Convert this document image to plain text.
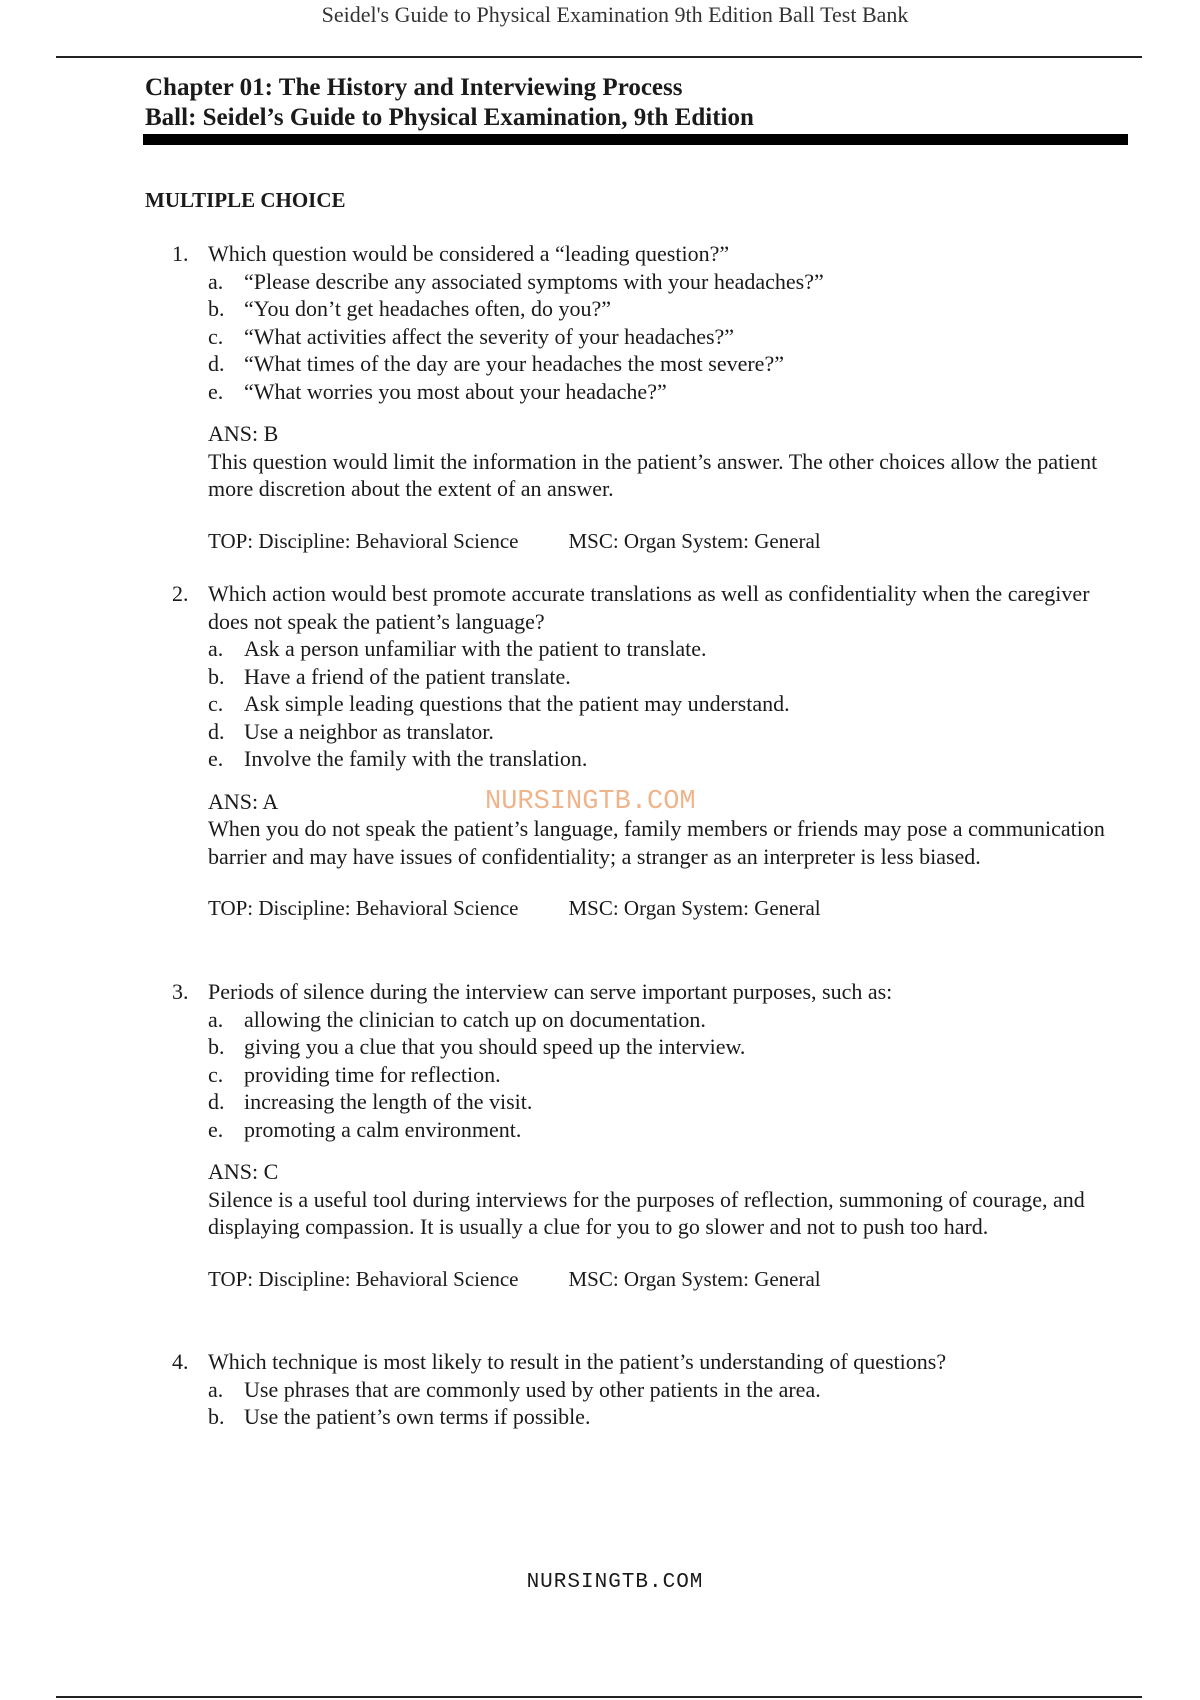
Seidel's Guide to Physical Examination 9th Edition Ball Test Bank
Chapter 01: The History and Interviewing Process
Ball: Seidel’s Guide to Physical Examination, 9th Edition
MULTIPLE CHOICE
1. Which question would be considered a “leading question?”
a. “Please describe any associated symptoms with your headaches?”
b. “You don’t get headaches often, do you?”
c. “What activities affect the severity of your headaches?”
d. “What times of the day are your headaches the most severe?”
e. “What worries you most about your headache?”
ANS: B
This question would limit the information in the patient’s answer. The other choices allow the patient more discretion about the extent of an answer.
TOP: Discipline: Behavioral Science MSC: Organ System: General
2. Which action would best promote accurate translations as well as confidentiality when the caregiver does not speak the patient’s language?
a. Ask a person unfamiliar with the patient to translate.
b. Have a friend of the patient translate.
c. Ask simple leading questions that the patient may understand.
d. Use a neighbor as translator.
e. Involve the family with the translation.
ANS: A
When you do not speak the patient’s language, family members or friends may pose a communication barrier and may have issues of confidentiality; a stranger as an interpreter is less biased.
TOP: Discipline: Behavioral Science MSC: Organ System: General
3. Periods of silence during the interview can serve important purposes, such as:
a. allowing the clinician to catch up on documentation.
b. giving you a clue that you should speed up the interview.
c. providing time for reflection.
d. increasing the length of the visit.
e. promoting a calm environment.
ANS: C
Silence is a useful tool during interviews for the purposes of reflection, summoning of courage, and displaying compassion. It is usually a clue for you to go slower and not to push too hard.
TOP: Discipline: Behavioral Science MSC: Organ System: General
4. Which technique is most likely to result in the patient’s understanding of questions?
a. Use phrases that are commonly used by other patients in the area.
b. Use the patient’s own terms if possible.
NURSINGTB.COM
NURSINGTB.COM
